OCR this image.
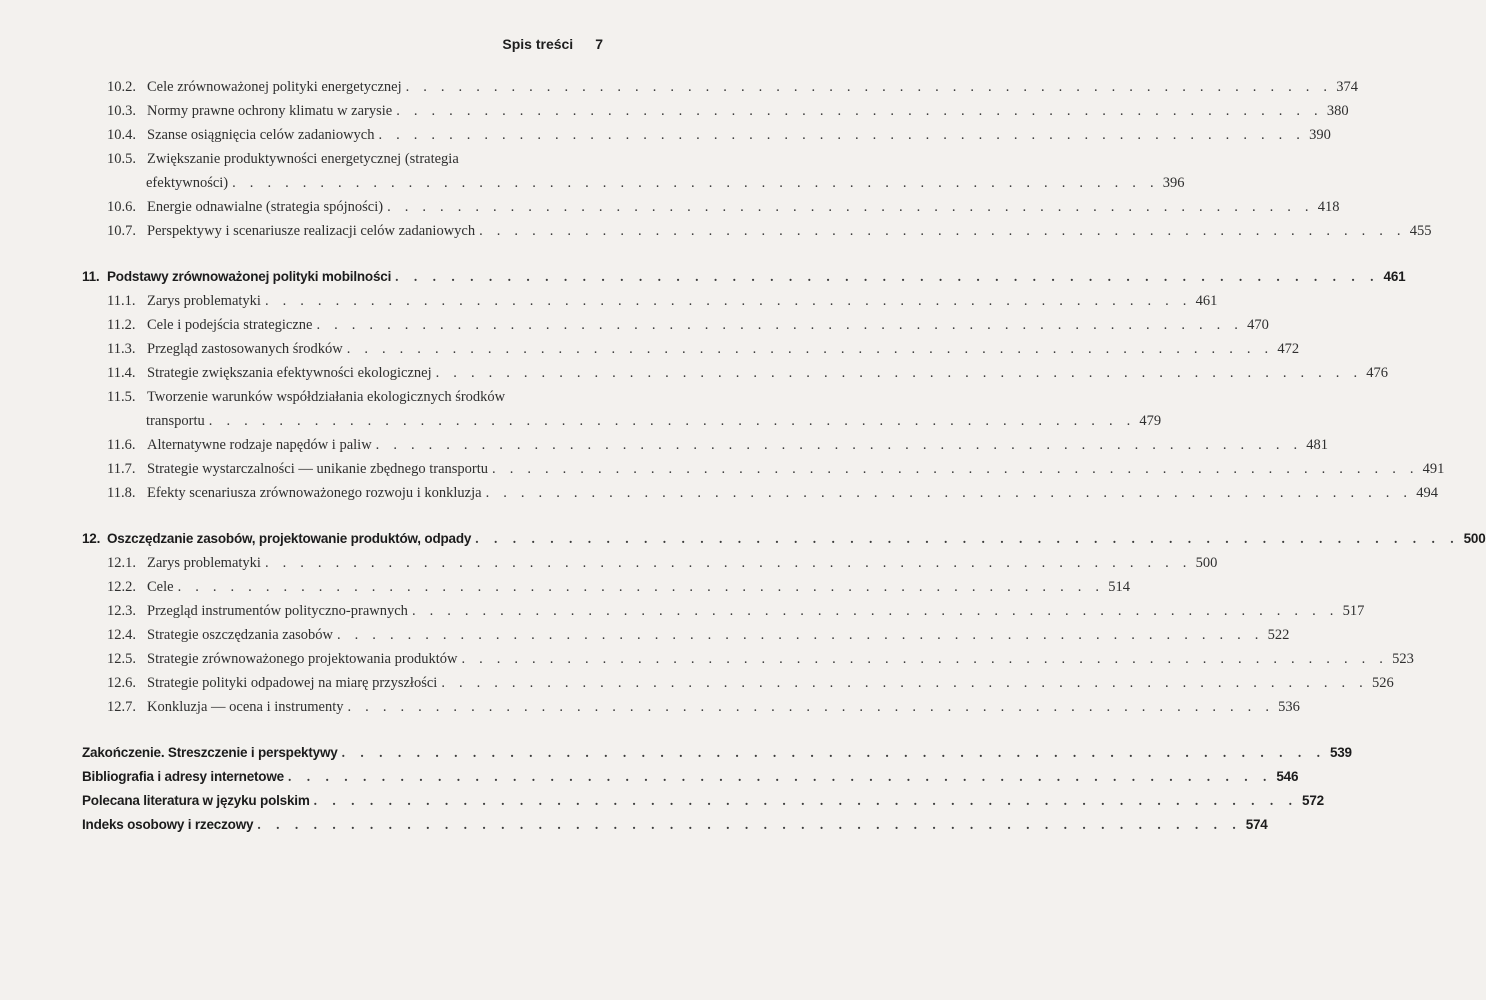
Spis treści 7
10.2. Cele zrównoważonej polityki energetycznej . . . . . . . . . . . . . . . . . . . . . . . . . . . . . . . . . . . . . . . . . . . . . . . . . . . . . 374
10.3. Normy prawne ochrony klimatu w zarysie . . . . . . . . . . . . . . . . . . . . . . . . . . . . . . . . . . . . . . . . . . . . . . . . . . . . . 380
10.4. Szanse osiągnięcia celów zadaniowych . . . . . . . . . . . . . . . . . . . . . . . . . . . . . . . . . . . . . . . . . . . . . . . . . . . . . 390
10.5. Zwiększanie produktywności energetycznej (strategia
efektywności) . . . . . . . . . . . . . . . . . . . . . . . . . . . . . . . . . . . . . . . . . . . . . . . . . . . . . 396
10.6. Energie odnawialne (strategia spójności) . . . . . . . . . . . . . . . . . . . . . . . . . . . . . . . . . . . . . . . . . . . . . . . . . . . . . 418
10.7. Perspektywy i scenariusze realizacji celów zadaniowych . . . . . . . . . . . . . . . . . . . . . . . . . . . . . . . . . . . . . . . . . . . . . . . . . . . . . 455
11. Podstawy zrównoważonej polityki mobilności . . . . . . . . . . . . . . . . . . . . . . . . . . . . . . . . . . . . . . . . . . . . . . . . . . . . . 461
11.1. Zarys problematyki . . . . . . . . . . . . . . . . . . . . . . . . . . . . . . . . . . . . . . . . . . . . . . . . . . . . . 461
11.2. Cele i podejścia strategiczne . . . . . . . . . . . . . . . . . . . . . . . . . . . . . . . . . . . . . . . . . . . . . . . . . . . . . 470
11.3. Przegląd zastosowanych środków . . . . . . . . . . . . . . . . . . . . . . . . . . . . . . . . . . . . . . . . . . . . . . . . . . . . . 472
11.4. Strategie zwiększania efektywności ekologicznej . . . . . . . . . . . . . . . . . . . . . . . . . . . . . . . . . . . . . . . . . . . . . . . . . . . . . 476
11.5. Tworzenie warunków współdziałania ekologicznych środków
transportu . . . . . . . . . . . . . . . . . . . . . . . . . . . . . . . . . . . . . . . . . . . . . . . . . . . . . 479
11.6. Alternatywne rodzaje napędów i paliw . . . . . . . . . . . . . . . . . . . . . . . . . . . . . . . . . . . . . . . . . . . . . . . . . . . . . 481
11.7. Strategie wystarczalności — unikanie zbędnego transportu . . . . . . . . . . . . . . . . . . . . . . . . . . . . . . . . . . . . . . . . . . . . . . . . . . . . . 491
11.8. Efekty scenariusza zrównoważonego rozwoju i konkluzja . . . . . . . . . . . . . . . . . . . . . . . . . . . . . . . . . . . . . . . . . . . . . . . . . . . . . 494
12. Oszczędzanie zasobów, projektowanie produktów, odpady . . . . . . . . . . . . . . . . . . . . . . . . . . . . . . . . . . . . . . . . . . . . . . . . . . . . . 500
12.1. Zarys problematyki . . . . . . . . . . . . . . . . . . . . . . . . . . . . . . . . . . . . . . . . . . . . . . . . . . . . . 500
12.2. Cele . . . . . . . . . . . . . . . . . . . . . . . . . . . . . . . . . . . . . . . . . . . . . . . . . . . . . 514
12.3. Przegląd instrumentów polityczno-prawnych . . . . . . . . . . . . . . . . . . . . . . . . . . . . . . . . . . . . . . . . . . . . . . . . . . . . . 517
12.4. Strategie oszczędzania zasobów . . . . . . . . . . . . . . . . . . . . . . . . . . . . . . . . . . . . . . . . . . . . . . . . . . . . . 522
12.5. Strategie zrównoważonego projektowania produktów . . . . . . . . . . . . . . . . . . . . . . . . . . . . . . . . . . . . . . . . . . . . . . . . . . . . . 523
12.6. Strategie polityki odpadowej na miarę przyszłości . . . . . . . . . . . . . . . . . . . . . . . . . . . . . . . . . . . . . . . . . . . . . . . . . . . . . 526
12.7. Konkluzja — ocena i instrumenty . . . . . . . . . . . . . . . . . . . . . . . . . . . . . . . . . . . . . . . . . . . . . . . . . . . . . 536
Zakończenie. Streszczenie i perspektywy . . . . . . . . . . . . . . . . . . . . . . . . . . . . . . . . . . . . . . . . . . . . . . . . . . . . . 539
Bibliografia i adresy internetowe . . . . . . . . . . . . . . . . . . . . . . . . . . . . . . . . . . . . . . . . . . . . . . . . . . . . . 546
Polecana literatura w języku polskim . . . . . . . . . . . . . . . . . . . . . . . . . . . . . . . . . . . . . . . . . . . . . . . . . . . . . 572
Indeks osobowy i rzeczowy . . . . . . . . . . . . . . . . . . . . . . . . . . . . . . . . . . . . . . . . . . . . . . . . . . . . . 574
